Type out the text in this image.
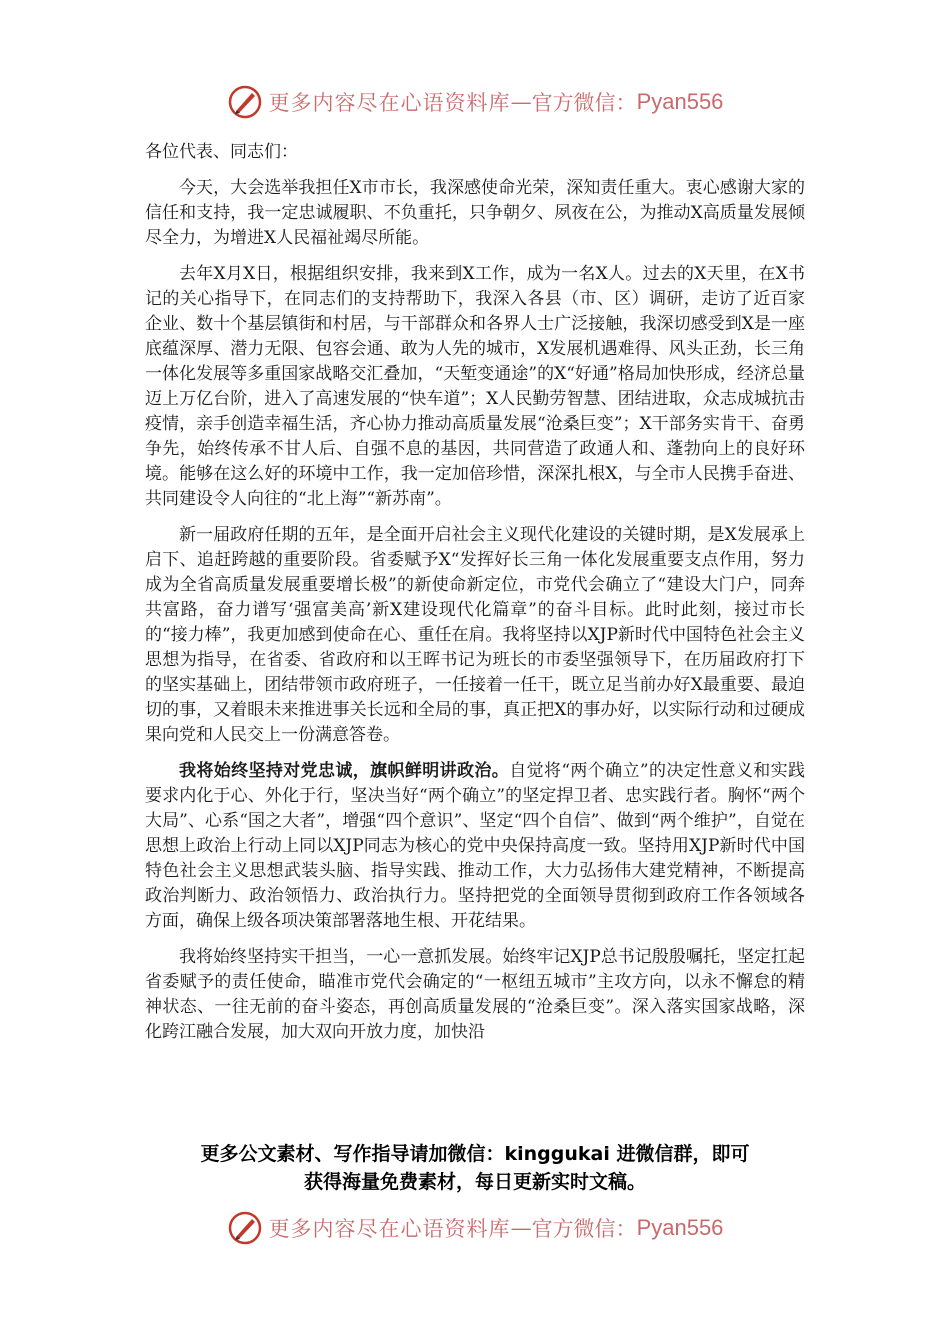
更多内容尽在心语资料库 — 官方微信： Pyan556

各位代表、同志们：

今天，大会选举我担任X市市长，我深感使命光荣，深知责任重大。衷心感谢大家的信任和支持，我一定忠诚履职、不负重托，只争朝夕、夙夜在公，为推动X高质量发展倾尽全力，为增进X人民福祉竭尽所能。

去年X月X日，根据组织安排，我来到X工作，成为一名X人。过去的X天里，在X书记的关心指导下，在同志们的支持帮助下，我深入各县（市、区）调研，走访了近百家企业、数十个基层镇街和村居，与干部群众和各界人士广泛接触，我深切感受到X是一座底蕴深厚、潜力无限、包容会通、敢为人先的城市，X发展机遇难得、风头正劲，长三角一体化发展等多重国家战略交汇叠加，“天堑变通途”的X“好通”格局加快形成，经济总量迈上万亿台阶，进入了高速发展的“快车道”；X人民勤劳智慧、团结进取，众志成城抗击疫情，亲手创造幸福生活，齐心协力推动高质量发展“沧桑巨变”；X干部务实肯干、奋勇争先，始终传承不甘人后、自强不息的基因，共同营造了政通人和、蓬勃向上的良好环境。能够在这么好的环境中工作，我一定加倍珍惜，深深扎根X，与全市人民携手奋进、共同建设令人向往的“北上海”“新苏南”。

新一届政府任期的五年，是全面开启社会主义现代化建设的关键时期，是X发展承上启下、追赶跨越的重要阶段。省委赋予X“发挥好长三角一体化发展重要支点作用，努力成为全省高质量发展重要增长极”的新使命新定位，市党代会确立了“建设大门户，同奔共富路，奋力谱写‘强富美高’新X建设现代化篇章”的奋斗目标。此时此刻，接过市长的“接力棒”，我更加感到使命在心、重任在肩。我将坚持以XJP新时代中国特色社会主义思想为指导，在省委、省政府和以王晖书记为班长的市委坚强领导下，在历届政府打下的坚实基础上，团结带领市政府班子，一任接着一任干，既立足当前办好X最重要、最迫切的事，又着眼未来推进事关长远和全局的事，真正把X的事办好，以实际行动和过硬成果向党和人民交上一份满意答卷。

我将始终坚持对党忠诚，旗帜鲜明讲政治。自觉将“两个确立”的决定性意义和实践要求内化于心、外化于行，坚决当好“两个确立”的坚定捍卫者、忠实践行者。胸怀“两个大局”、心系“国之大者”，增强“四个意识”、坚定“四个自信”、做到“两个维护”，自觉在思想上政治上行动上同以XJP同志为核心的党中央保持高度一致。坚持用XJP新时代中国特色社会主义思想武装头脑、指导实践、推动工作，大力弘扬伟大建党精神，不断提高政治判断力、政治领悟力、政治执行力。坚持把党的全面领导贯彻到政府工作各领域各方面，确保上级各项决策部署落地生根、开花结果。

我将始终坚持实干担当，一心一意抓发展。始终牢记XJP总书记殷殷嘱托，坚定扛起省委赋予的责任使命，瞄准市党代会确定的“一枢纽五城市”主攻方向，以永不懈怠的精神状态、一往无前的奋斗姿态，再创高质量发展的“沧桑巨变”。深入落实国家战略，深化跨江融合发展，加大双向开放力度，加快沿

更多公文素材、写作指导请加微信：kinggukai 进微信群，即可
获得海量免费素材，每日更新实时文稿。
更多内容尽在心语资料库 — 官方微信： Pyan556
